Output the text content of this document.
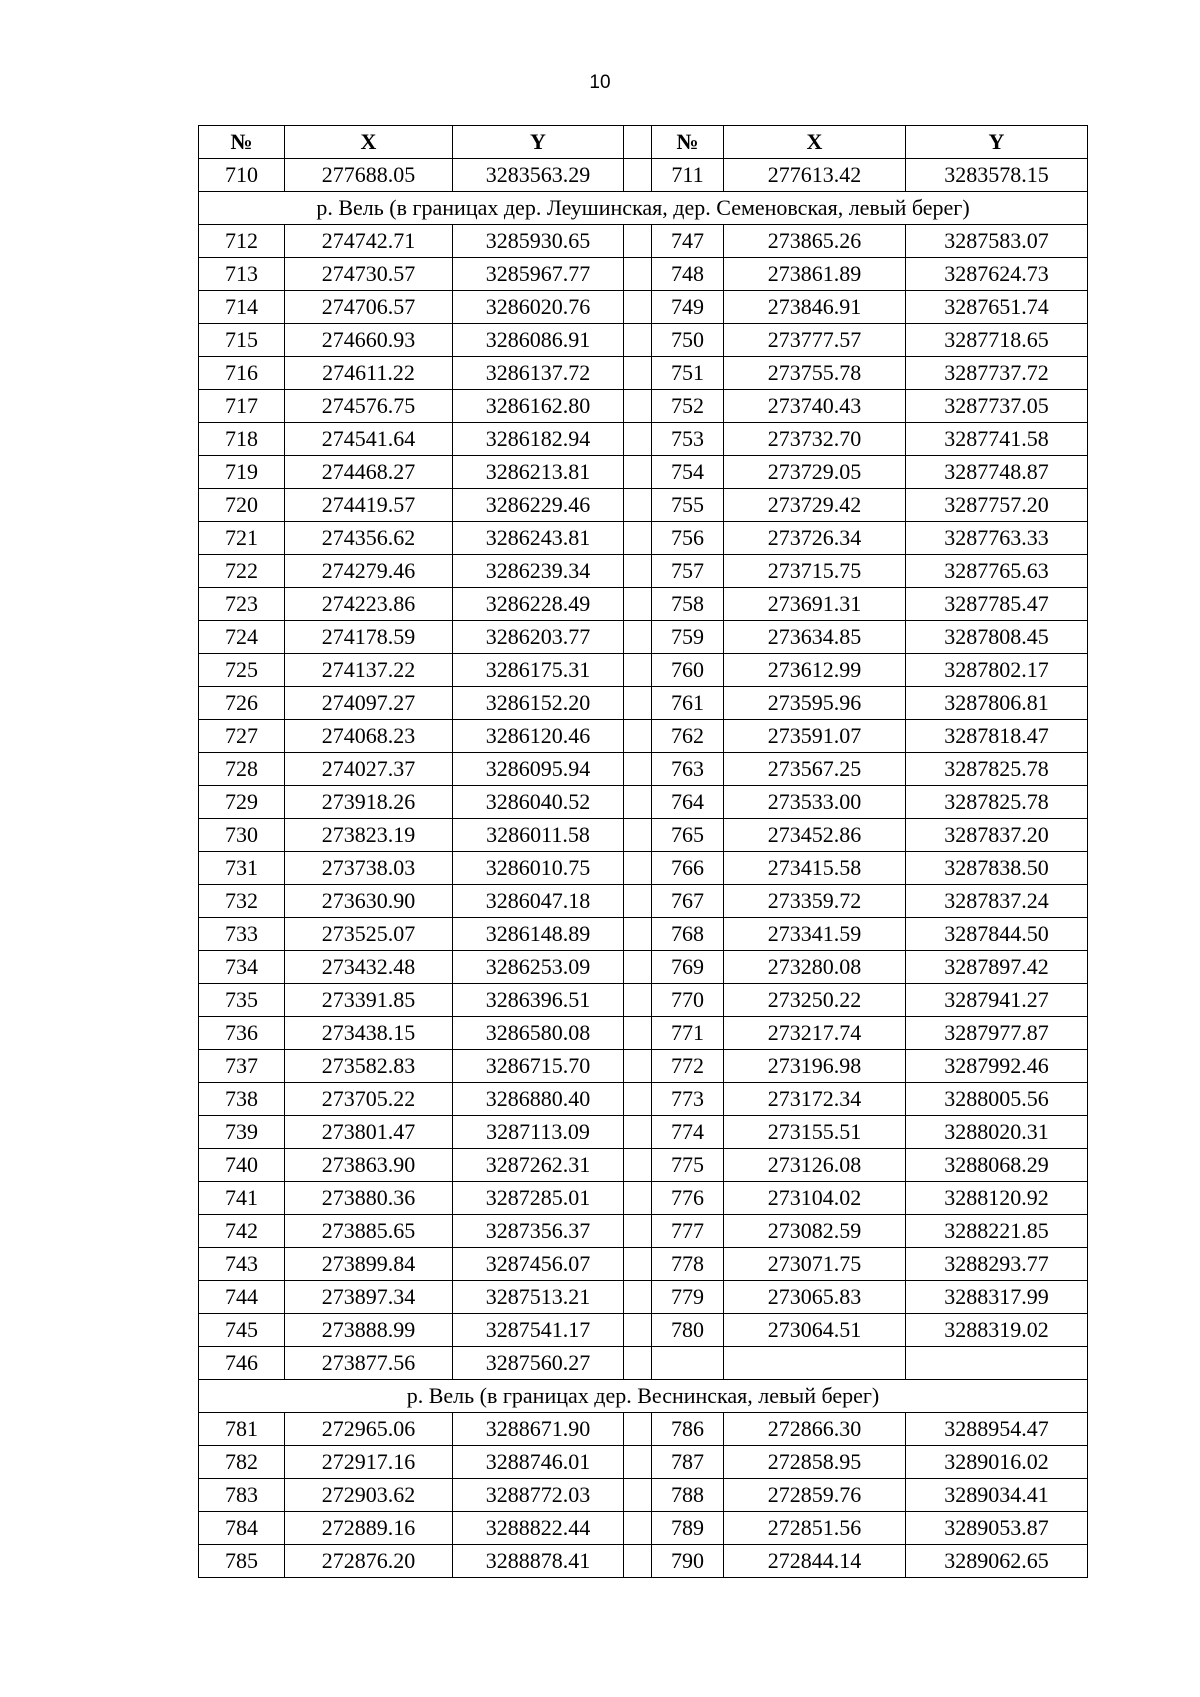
10
№	X	Y		№	X	Y
710	277688.05	3283563.29		711	277613.42	3283578.15
р. Вель (в границах дер. Леушинская, дер. Семеновская, левый берег)						
712	274742.71	3285930.65		747	273865.26	3287583.07
713	274730.57	3285967.77		748	273861.89	3287624.73
714	274706.57	3286020.76		749	273846.91	3287651.74
715	274660.93	3286086.91		750	273777.57	3287718.65
716	274611.22	3286137.72		751	273755.78	3287737.72
717	274576.75	3286162.80		752	273740.43	3287737.05
718	274541.64	3286182.94		753	273732.70	3287741.58
719	274468.27	3286213.81		754	273729.05	3287748.87
720	274419.57	3286229.46		755	273729.42	3287757.20
721	274356.62	3286243.81		756	273726.34	3287763.33
722	274279.46	3286239.34		757	273715.75	3287765.63
723	274223.86	3286228.49		758	273691.31	3287785.47
724	274178.59	3286203.77		759	273634.85	3287808.45
725	274137.22	3286175.31		760	273612.99	3287802.17
726	274097.27	3286152.20		761	273595.96	3287806.81
727	274068.23	3286120.46		762	273591.07	3287818.47
728	274027.37	3286095.94		763	273567.25	3287825.78
729	273918.26	3286040.52		764	273533.00	3287825.78
730	273823.19	3286011.58		765	273452.86	3287837.20
731	273738.03	3286010.75		766	273415.58	3287838.50
732	273630.90	3286047.18		767	273359.72	3287837.24
733	273525.07	3286148.89		768	273341.59	3287844.50
734	273432.48	3286253.09		769	273280.08	3287897.42
735	273391.85	3286396.51		770	273250.22	3287941.27
736	273438.15	3286580.08		771	273217.74	3287977.87
737	273582.83	3286715.70		772	273196.98	3287992.46
738	273705.22	3286880.40		773	273172.34	3288005.56
739	273801.47	3287113.09		774	273155.51	3288020.31
740	273863.90	3287262.31		775	273126.08	3288068.29
741	273880.36	3287285.01		776	273104.02	3288120.92
742	273885.65	3287356.37		777	273082.59	3288221.85
743	273899.84	3287456.07		778	273071.75	3288293.77
744	273897.34	3287513.21		779	273065.83	3288317.99
745	273888.99	3287541.17		780	273064.51	3288319.02
746	273877.56	3287560.27				
р. Вель (в границах дер. Веснинская, левый берег)						
781	272965.06	3288671.90		786	272866.30	3288954.47
782	272917.16	3288746.01		787	272858.95	3289016.02
783	272903.62	3288772.03		788	272859.76	3289034.41
784	272889.16	3288822.44		789	272851.56	3289053.87
785	272876.20	3288878.41		790	272844.14	3289062.65
